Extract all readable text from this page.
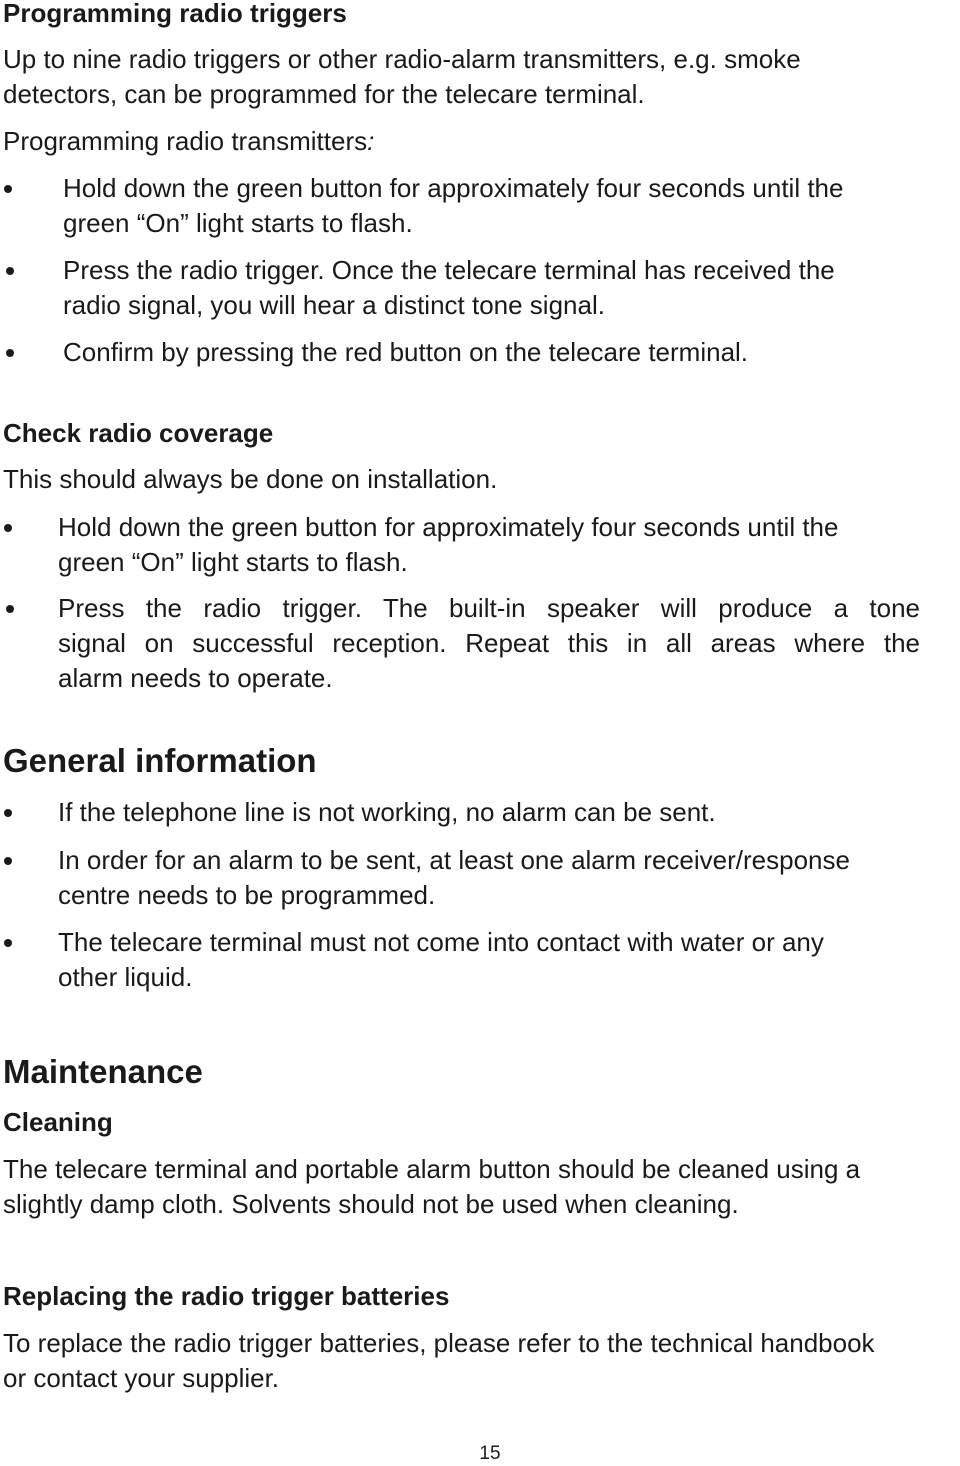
Programming radio triggers

Up to nine radio triggers or other radio-alarm transmitters, e.g. smoke
detectors, can be programmed for the telecare terminal.

Programming radio transmitters:

Hold down the green button for approximately four seconds until the
green “On” light starts to flash.
Press the radio trigger. Once the telecare terminal has received the
radio signal, you will hear a distinct tone signal.
Confirm by pressing the red button on the telecare terminal.
Check radio coverage

This should always be done on installation.

Hold down the green button for approximately four seconds until the
green “On” light starts to flash.
Press the radio trigger. The built-in speaker will produce a tone
signal on successful reception. Repeat this in all areas where the
alarm needs to operate.
General information
If the telephone line is not working, no alarm can be sent.
In order for an alarm to be sent, at least one alarm receiver/response
centre needs to be programmed.
The telecare terminal must not come into contact with water or any
other liquid.
Maintenance
Cleaning

The telecare terminal and portable alarm button should be cleaned using a
slightly damp cloth. Solvents should not be used when cleaning.

Replacing the radio trigger batteries

To replace the radio trigger batteries, please refer to the technical handbook
or contact your supplier.

15
